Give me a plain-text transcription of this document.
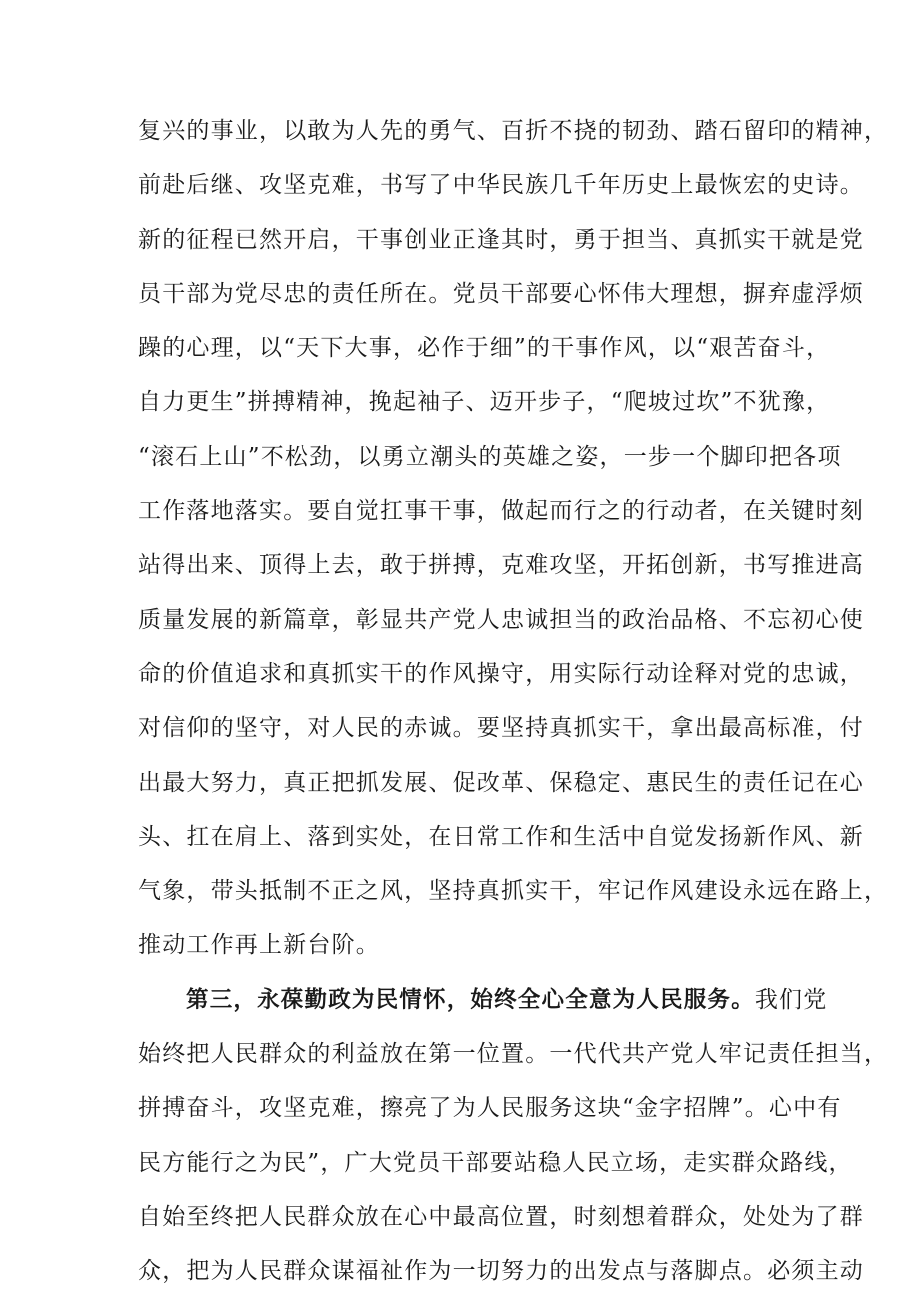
复兴的事业，以敢为人先的勇气、百折不挠的韧劲、踏石留印的精神，
前赴后继、攻坚克难，书写了中华民族几千年历史上最恢宏的史诗。
新的征程已然开启，干事创业正逢其时，勇于担当、真抓实干就是党
员干部为党尽忠的责任所在。党员干部要心怀伟大理想，摒弃虚浮烦
躁的心理，以“天下大事，必作于细”的干事作风，以“艰苦奋斗，
自力更生”拼搏精神，挽起袖子、迈开步子，“爬坡过坎”不犹豫，
“滚石上山”不松劲，以勇立潮头的英雄之姿，一步一个脚印把各项
工作落地落实。要自觉扛事干事，做起而行之的行动者，在关键时刻
站得出来、顶得上去，敢于拼搏，克难攻坚，开拓创新，书写推进高
质量发展的新篇章，彰显共产党人忠诚担当的政治品格、不忘初心使
命的价值追求和真抓实干的作风操守，用实际行动诠释对党的忠诚，
对信仰的坚守，对人民的赤诚。要坚持真抓实干，拿出最高标准，付
出最大努力，真正把抓发展、促改革、保稳定、惠民生的责任记在心
头、扛在肩上、落到实处，在日常工作和生活中自觉发扬新作风、新
气象，带头抵制不正之风，坚持真抓实干，牢记作风建设永远在路上，
推动工作再上新台阶。
第三，永葆勤政为民情怀，始终全心全意为人民服务。我们党
始终把人民群众的利益放在第一位置。一代代共产党人牢记责任担当，
拼搏奋斗，攻坚克难，擦亮了为人民服务这块“金字招牌”。心中有
民方能行之为民”，广大党员干部要站稳人民立场，走实群众路线，
自始至终把人民群众放在心中最高位置，时刻想着群众，处处为了群
众，把为人民群众谋福祉作为一切努力的出发点与落脚点。必须主动
